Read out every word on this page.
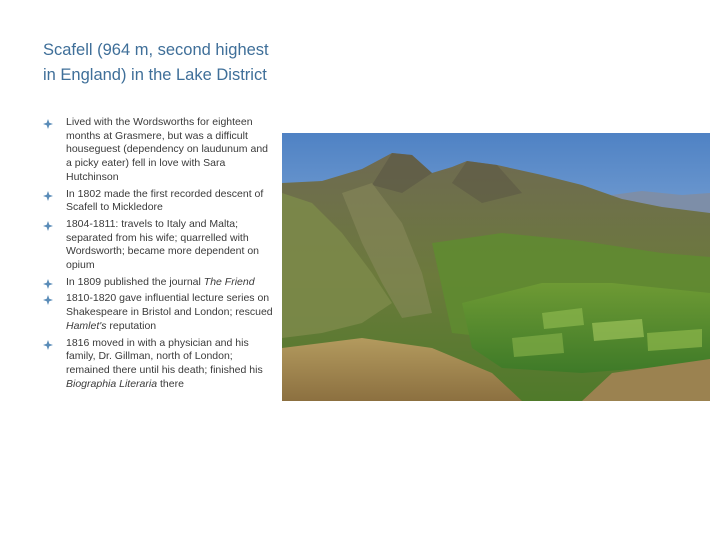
Scafell (964 m, second highest in England) in the Lake District
Lived with the Wordsworths for eighteen months at Grasmere, but was a difficult houseguest (dependency on laudunum and a picky eater) fell in love with Sara Hutchinson
In 1802 made the first recorded descent of Scafell to Mickledore
1804-1811: travels to Italy and Malta; separated from his wife; quarrelled with Wordsworth; became more dependent on opium
In 1809 published the journal The Friend
1810-1820 gave influential lecture series on Shakespeare in Bristol and London; rescued Hamlet's reputation
1816 moved in with a physician and his family, Dr. Gillman, north of London; remained there until his death; finished his Biographia Literaria there
